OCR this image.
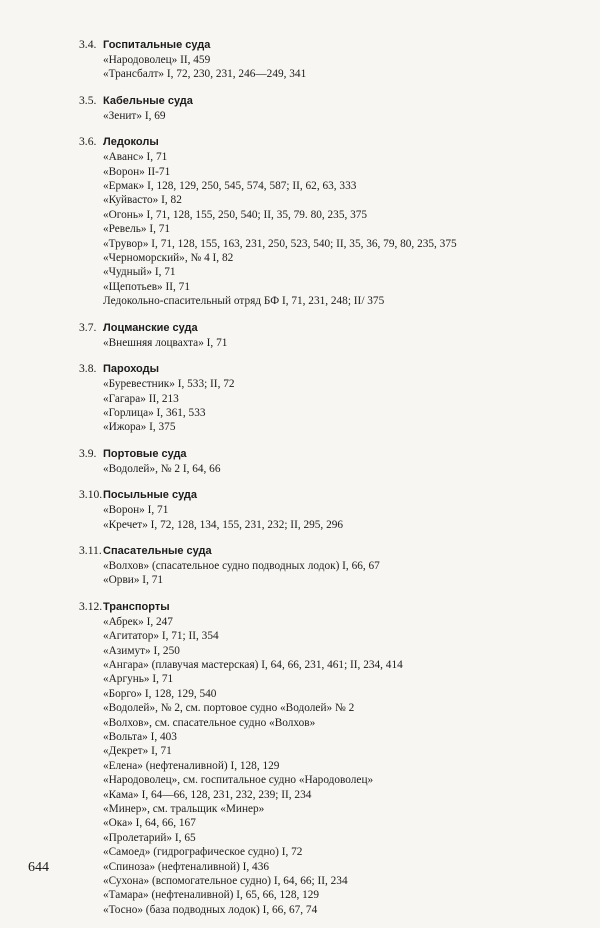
3.4. Госпитальные суда
«Народоволец» II, 459
«Трансбалт» I, 72, 230, 231, 246—249, 341
3.5. Кабельные суда
«Зенит» I, 69
3.6. Ледоколы
«Аванс» I, 71
«Ворон» II-71
«Ермак» I, 128, 129, 250, 545, 574, 587; II, 62, 63, 333
«Куйвасто» I, 82
«Огонь» I, 71, 128, 155, 250, 540; II, 35, 79. 80, 235, 375
«Ревель» I, 71
«Трувор» I, 71, 128, 155, 163, 231, 250, 523, 540; II, 35, 36, 79, 80, 235, 375
«Черноморский», № 4 I, 82
«Чудный» I, 71
«Щепотьев» II, 71
Ледокольно-спасительный отряд БФ I, 71, 231, 248; II/ 375
3.7. Лоцманские суда
«Внешняя лоцвахта» I, 71
3.8. Пароходы
«Буревестник» I, 533; II, 72
«Гагара» II, 213
«Горлица» I, 361, 533
«Ижора» I, 375
3.9. Портовые суда
«Водолей», № 2 I, 64, 66
3.10.Посыльные суда
«Ворон» I, 71
«Кречет» I, 72, 128, 134, 155, 231, 232; II, 295, 296
3.11.Спасательные суда
«Волхов» (спасательное судно подводных лодок) I, 66, 67
«Орви» I, 71
3.12.Транспорты
«Абрек» I, 247
«Агитатор» I, 71; II, 354
«Азимут» I, 250
«Ангара» (плавучая мастерская) I, 64, 66, 231, 461; II, 234, 414
«Аргунь» I, 71
«Борго» I, 128, 129, 540
«Водолей», № 2, см. портовое судно «Водолей» № 2
«Волхов», см. спасательное судно «Волхов»
«Вольта» I, 403
«Декрет» I, 71
«Елена» (нефтеналивной) I, 128, 129
«Народоволец», см. госпитальное судно «Народоволец»
«Кама» I, 64—66, 128, 231, 232, 239; II, 234
«Минер», см. тральщик «Минер»
«Ока» I, 64, 66, 167
«Пролетарий» I, 65
«Самоед» (гидрографическое судно) I, 72
«Спиноза» (нефтеналивной) I, 436
«Сухона» (вспомогательное судно) I, 64, 66; II, 234
«Тамара» (нефтеналивной) I, 65, 66, 128, 129
«Тосно» (база подводных лодок) I, 66, 67, 74
644
